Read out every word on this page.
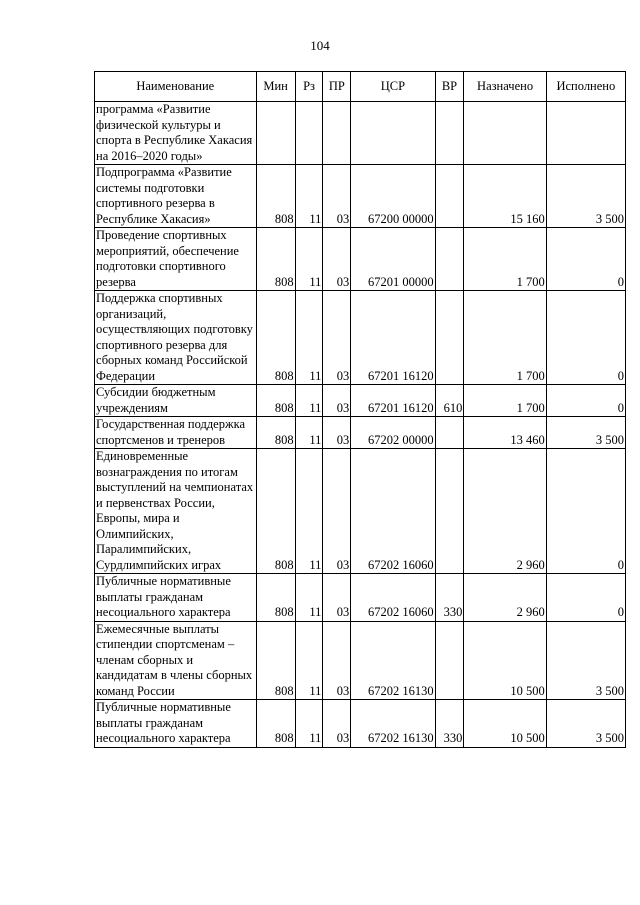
104
Наименование	Мин	Рз	ПР	ЦСР	ВР	Назначено	Исполнено
программа «Развитие физической культуры и спорта в Республике Хакасия на 2016–2020 годы»							
Подпрограмма «Развитие системы подготовки спортивного резерва в Республике Хакасия»	808	11	03	67200 00000		15 160	3 500
Проведение спортивных мероприятий, обеспечение подготовки спортивного резерва	808	11	03	67201 00000		1 700	0
Поддержка спортивных организаций, осуществляющих подготовку спортивного резерва для сборных команд Российской Федерации	808	11	03	67201 16120		1 700	0
Субсидии бюджетным учреждениям	808	11	03	67201 16120	610	1 700	0
Государственная поддержка спортсменов и тренеров	808	11	03	67202 00000		13 460	3 500
Единовременные вознаграждения по итогам выступлений на чемпионатах и первенствах России, Европы, мира и Олимпийских, Паралимпийских, Сурдлимпийских играх	808	11	03	67202 16060		2 960	0
Публичные нормативные выплаты гражданам несоциального характера	808	11	03	67202 16060	330	2 960	0
Ежемесячные выплаты стипендии спортсменам – членам сборных и кандидатам в члены сборных команд России	808	11	03	67202 16130		10 500	3 500
Публичные нормативные выплаты гражданам несоциального характера	808	11	03	67202 16130	330	10 500	3 500
